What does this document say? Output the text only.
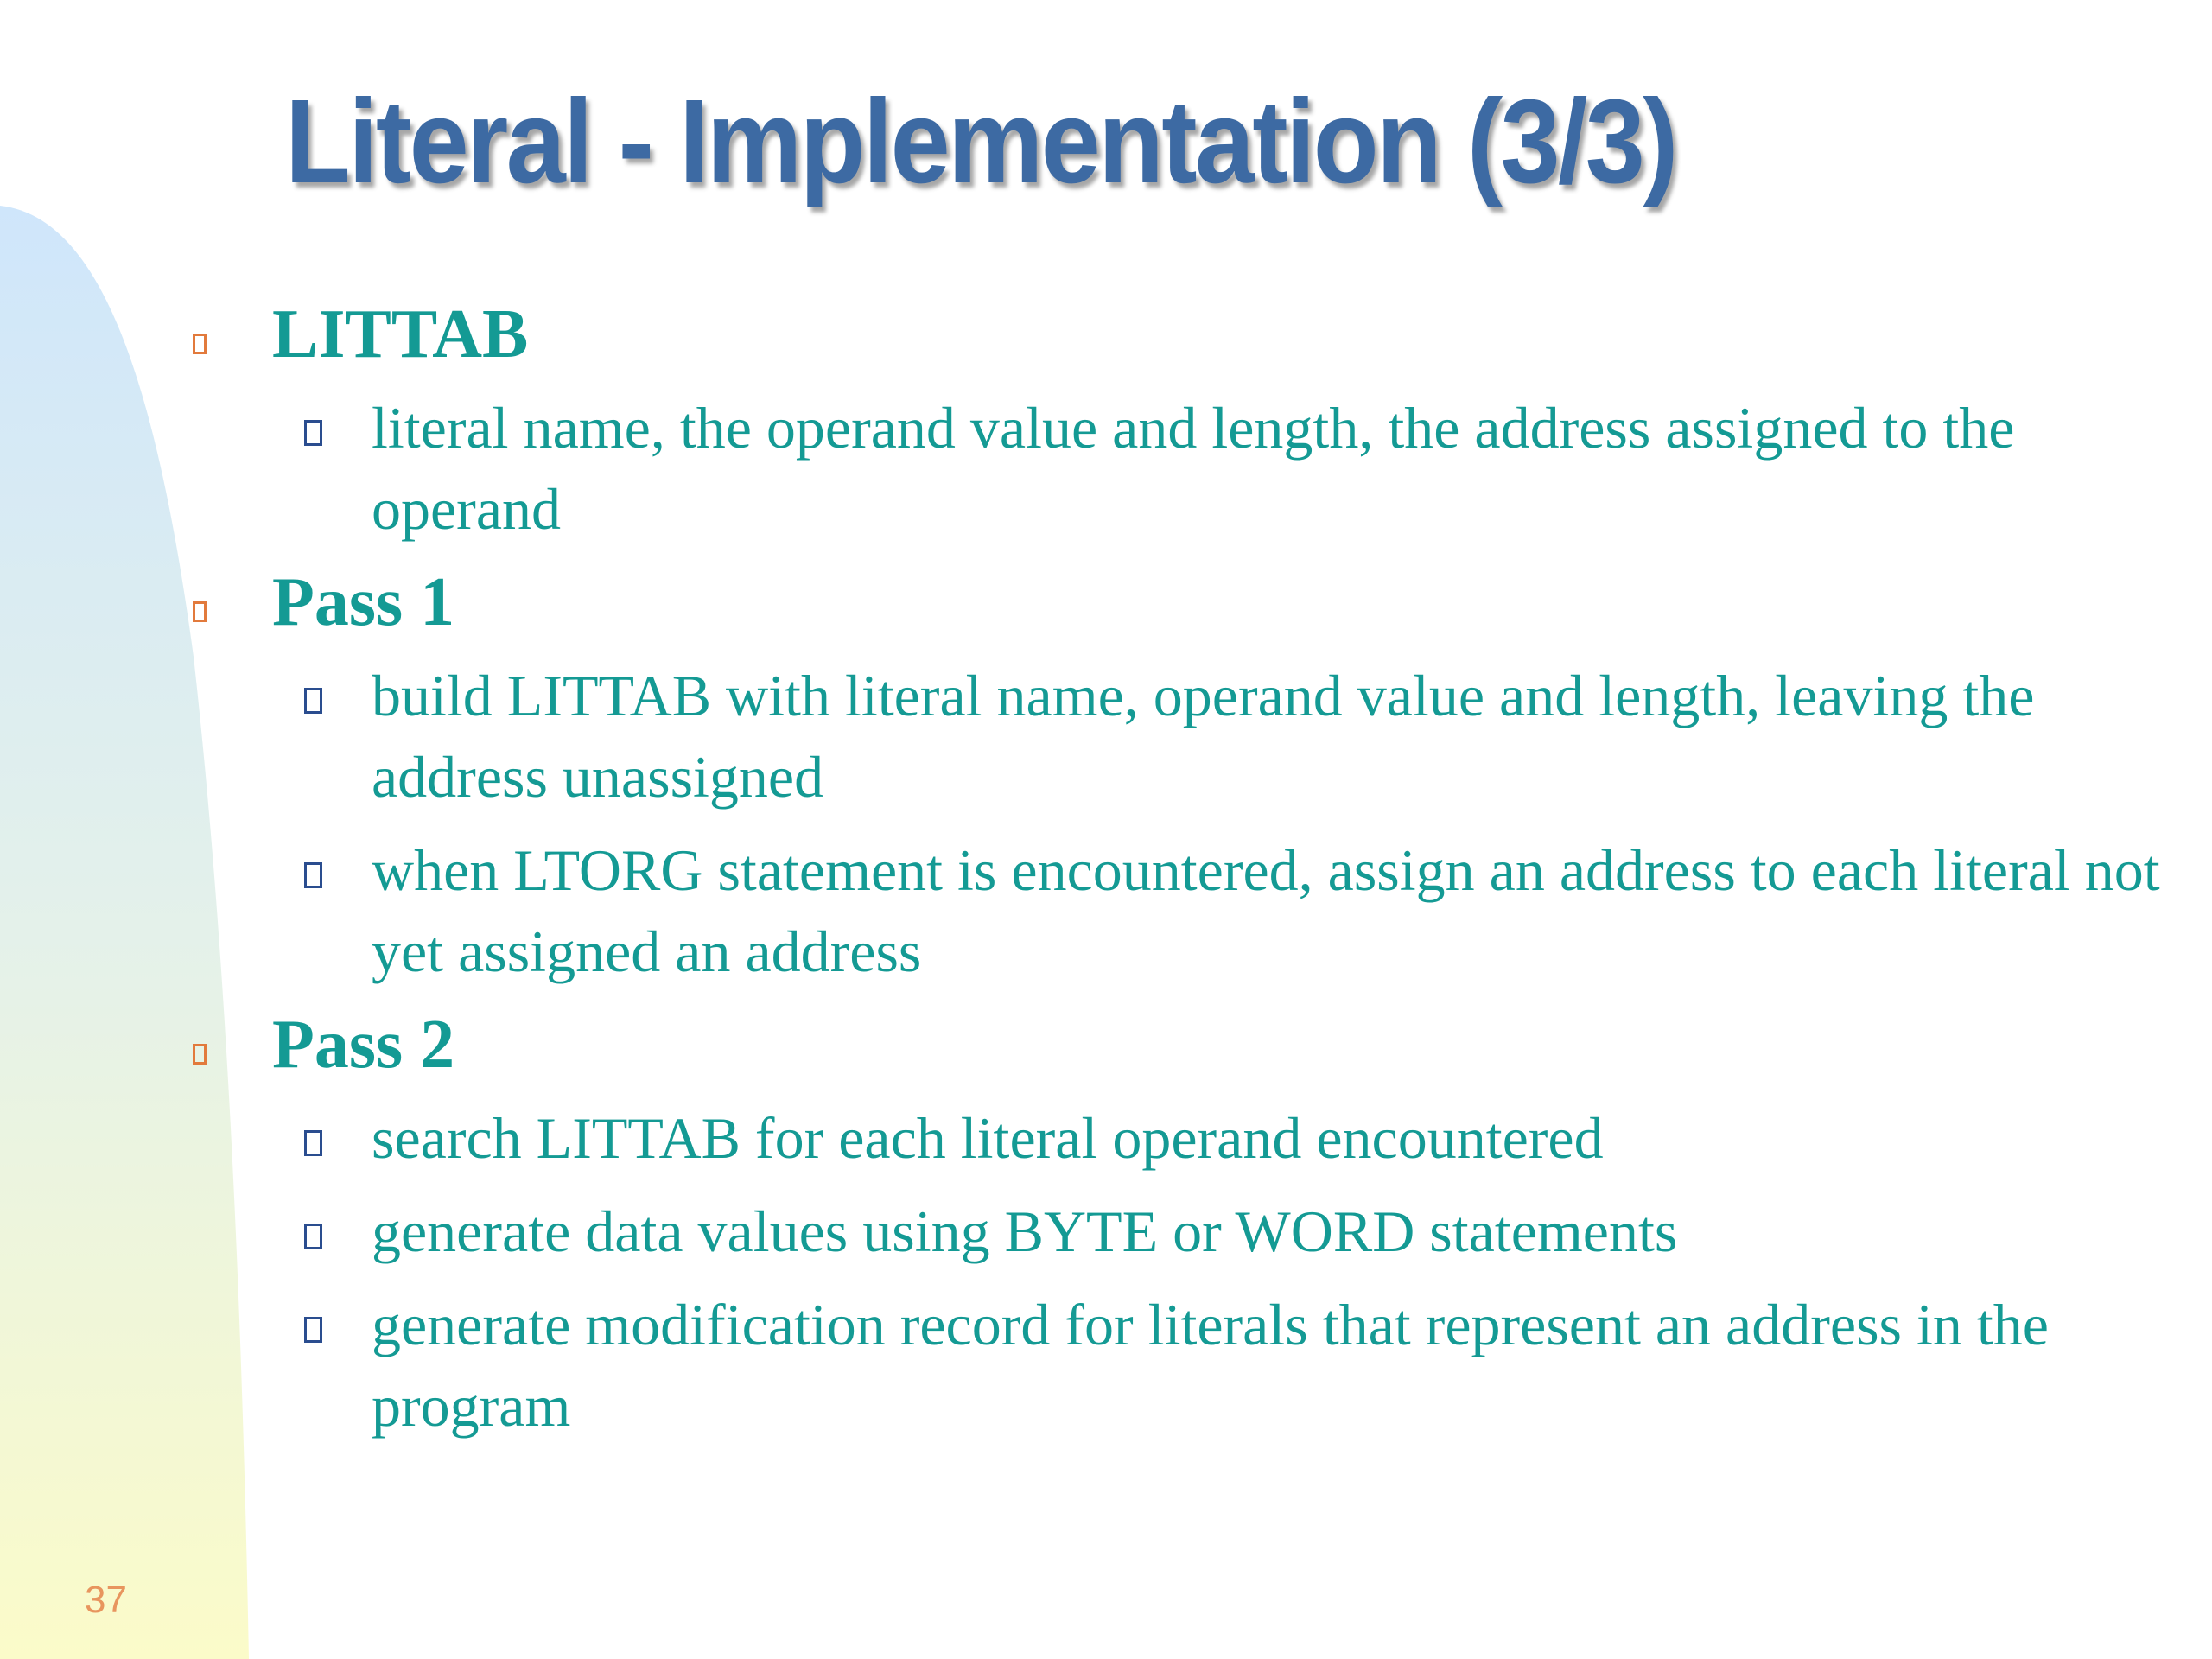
Literal - Implementation (3/3)
LITTAB
literal name, the operand value and length, the address assigned to the operand
Pass 1
build LITTAB with literal name, operand value and length, leaving the address unassigned
when LTORG statement is encountered, assign an address to each literal not yet assigned an address
Pass 2
search LITTAB for each literal operand encountered
generate data values using BYTE or WORD statements
generate modification record for literals that represent an address in the program
37
